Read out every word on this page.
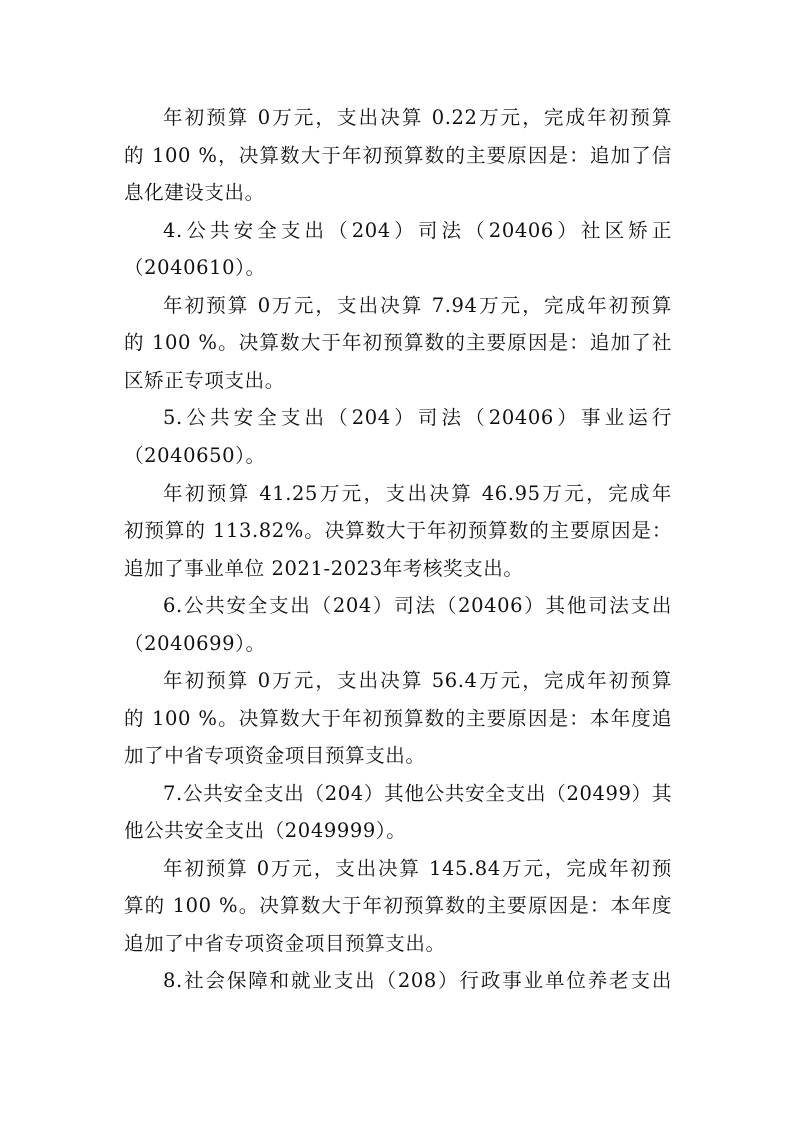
年初预算 0万元，支出决算 0.22万元，完成年初预算
的 100 %，决算数大于年初预算数的主要原因是：追加了信
息化建设支出。
4.公共安全支出（204）司法（20406）社区矫正
（2040610）。
年初预算 0万元，支出决算 7.94万元，完成年初预算
的 100 %。决算数大于年初预算数的主要原因是：追加了社
区矫正专项支出。
5.公共安全支出（204）司法（20406）事业运行
（2040650）。
年初预算 41.25万元，支出决算 46.95万元，完成年
初预算的 113.82%。决算数大于年初预算数的主要原因是：
追加了事业单位 2021-2023年考核奖支出。
6.公共安全支出（204）司法（20406）其他司法支出
（2040699）。
年初预算 0万元，支出决算 56.4万元，完成年初预算
的 100 %。决算数大于年初预算数的主要原因是：本年度追
加了中省专项资金项目预算支出。
7.公共安全支出（204）其他公共安全支出（20499）其
他公共安全支出（2049999）。
年初预算 0万元，支出决算 145.84万元，完成年初预
算的 100 %。决算数大于年初预算数的主要原因是：本年度
追加了中省专项资金项目预算支出。
8.社会保障和就业支出（208）行政事业单位养老支出
